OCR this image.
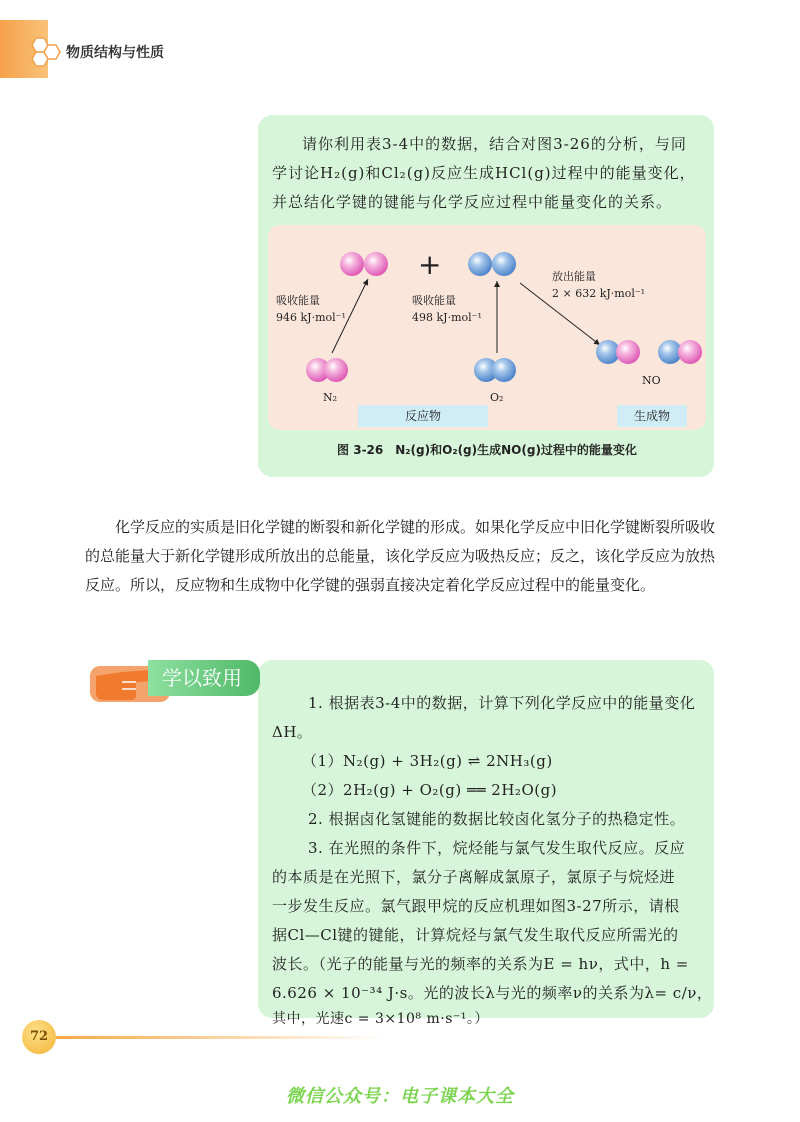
物质结构与性质

请你利用表3-4中的数据，结合对图3-26的分析，与同学讨论H₂(g)和Cl₂(g)反应生成HCl(g)过程中的能量变化，并总结化学键的键能与化学反应过程中能量变化的关系。

+
吸收能量
946 kJ·mol⁻¹
吸收能量
498 kJ·mol⁻¹
放出能量
2 × 632 kJ·mol⁻¹
N₂	O₂
NO
反应物	生成物
图 3-26　N₂(g)和O₂(g)生成NO(g)过程中的能量变化

化学反应的实质是旧化学键的断裂和新化学键的形成。如果化学反应中旧化学键断裂所吸收的总能量大于新化学键形成所放出的总能量，该化学反应为吸热反应；反之，该化学反应为放热反应。所以，反应物和生成物中化学键的强弱直接决定着化学反应过程中的能量变化。

学以致用

1. 根据表3-4中的数据，计算下列化学反应中的能量变化

ΔH。

（1）N₂(g) + 3H₂(g) ⇌ 2NH₃(g)

（2）2H₂(g) + O₂(g) ══ 2H₂O(g)

2. 根据卤化氢键能的数据比较卤化氢分子的热稳定性。

3. 在光照的条件下，烷烃能与氯气发生取代反应。反应

的本质是在光照下，氯分子离解成氯原子，氯原子与烷烃进

一步发生反应。氯气跟甲烷的反应机理如图3-27所示，请根

据Cl—Cl键的键能，计算烷烃与氯气发生取代反应所需光的

波长。（光子的能量与光的频率的关系为E = hν，式中，h =

6.626 × 10⁻³⁴ J·s。光的波长λ与光的频率ν的关系为λ= c/ν，

其中，光速c = 3×10⁸ m·s⁻¹。）

72
微信公众号：电子课本大全
